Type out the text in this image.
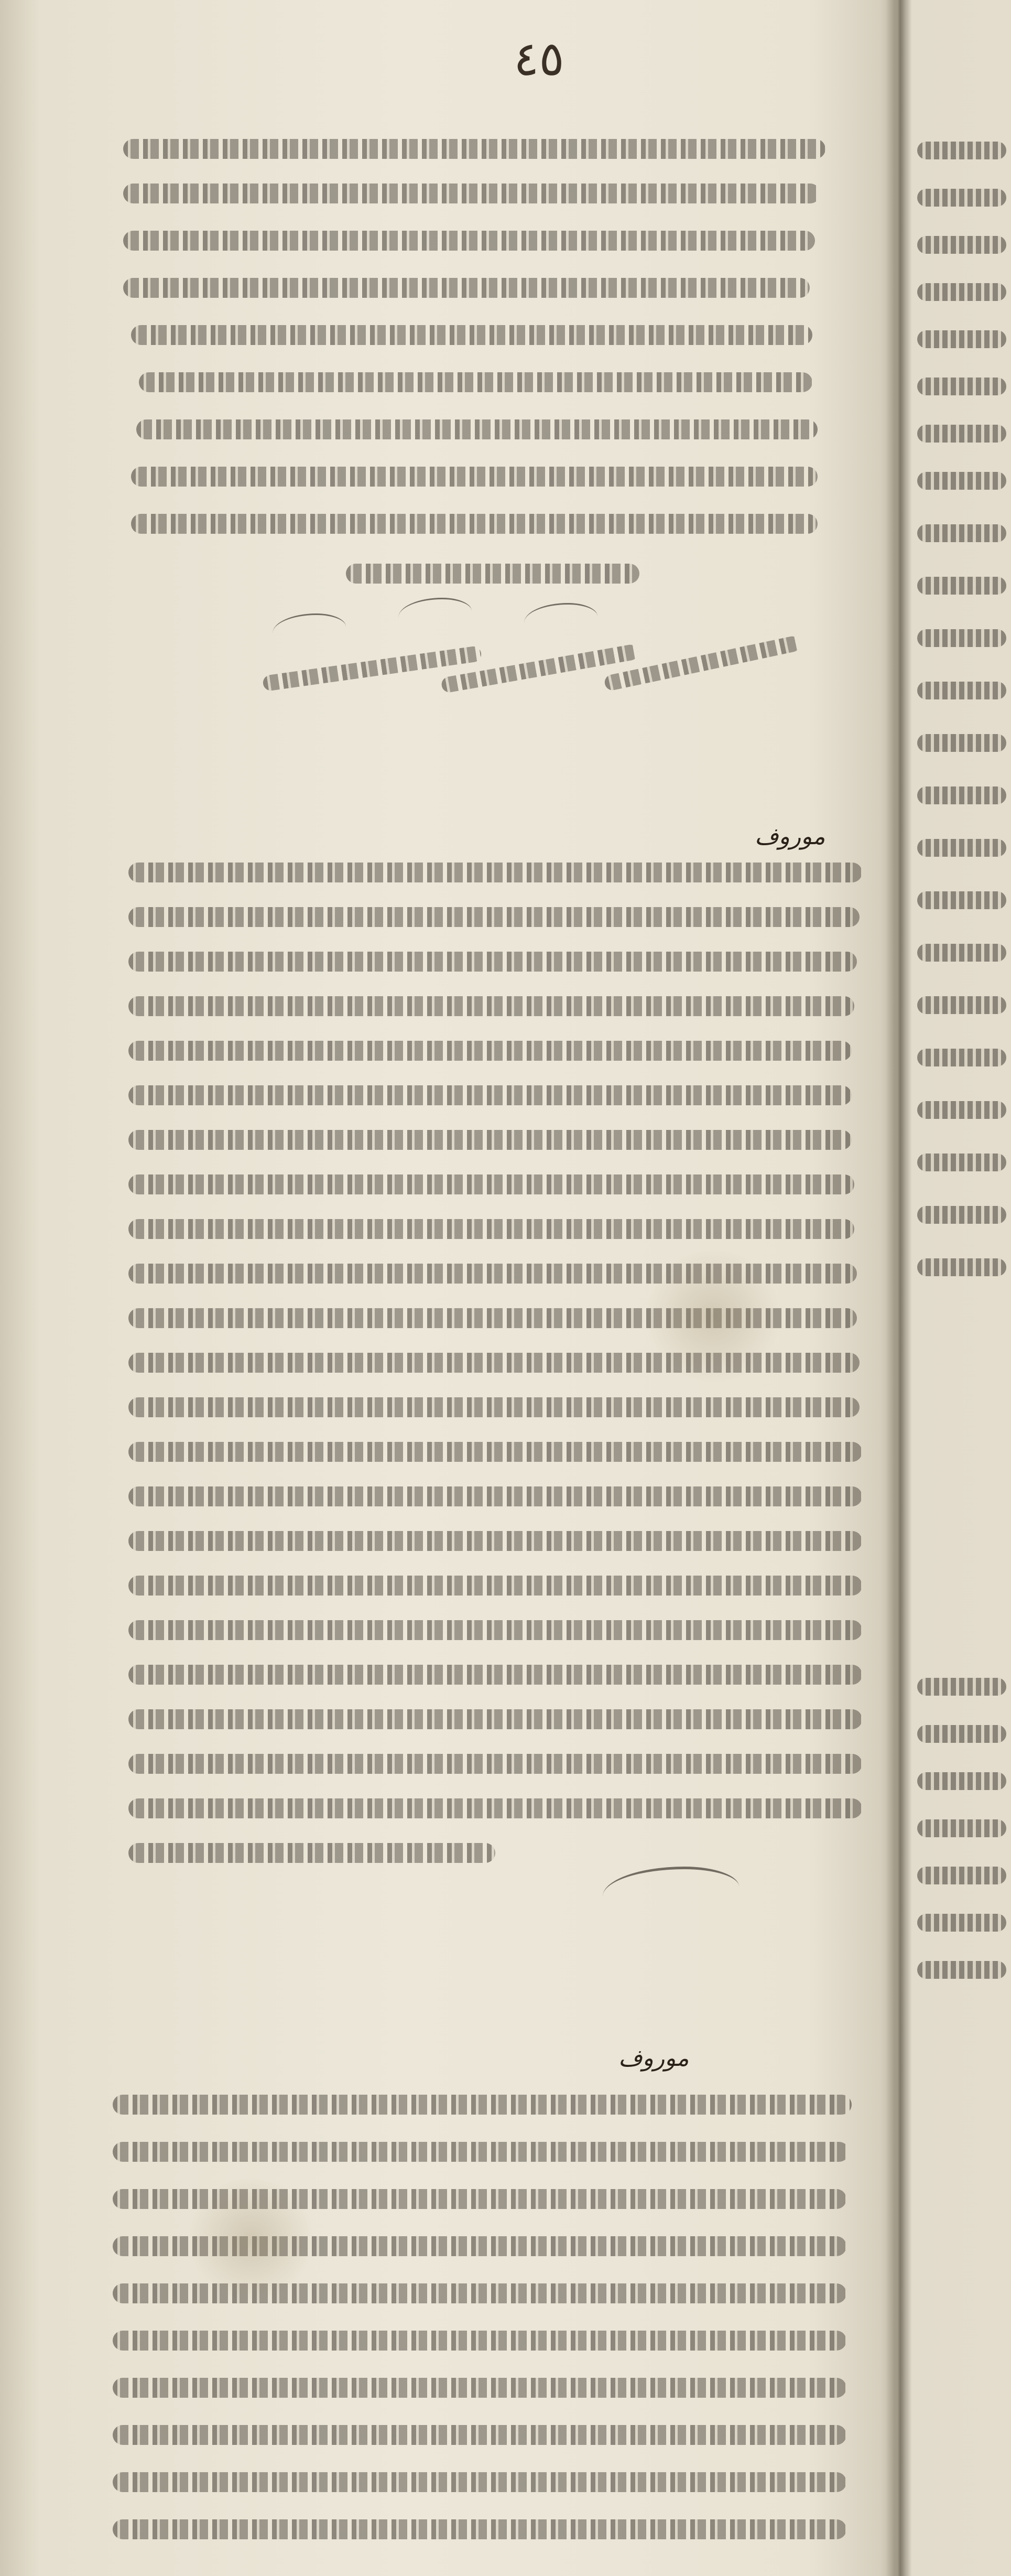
٤٥
موروف
موروف
